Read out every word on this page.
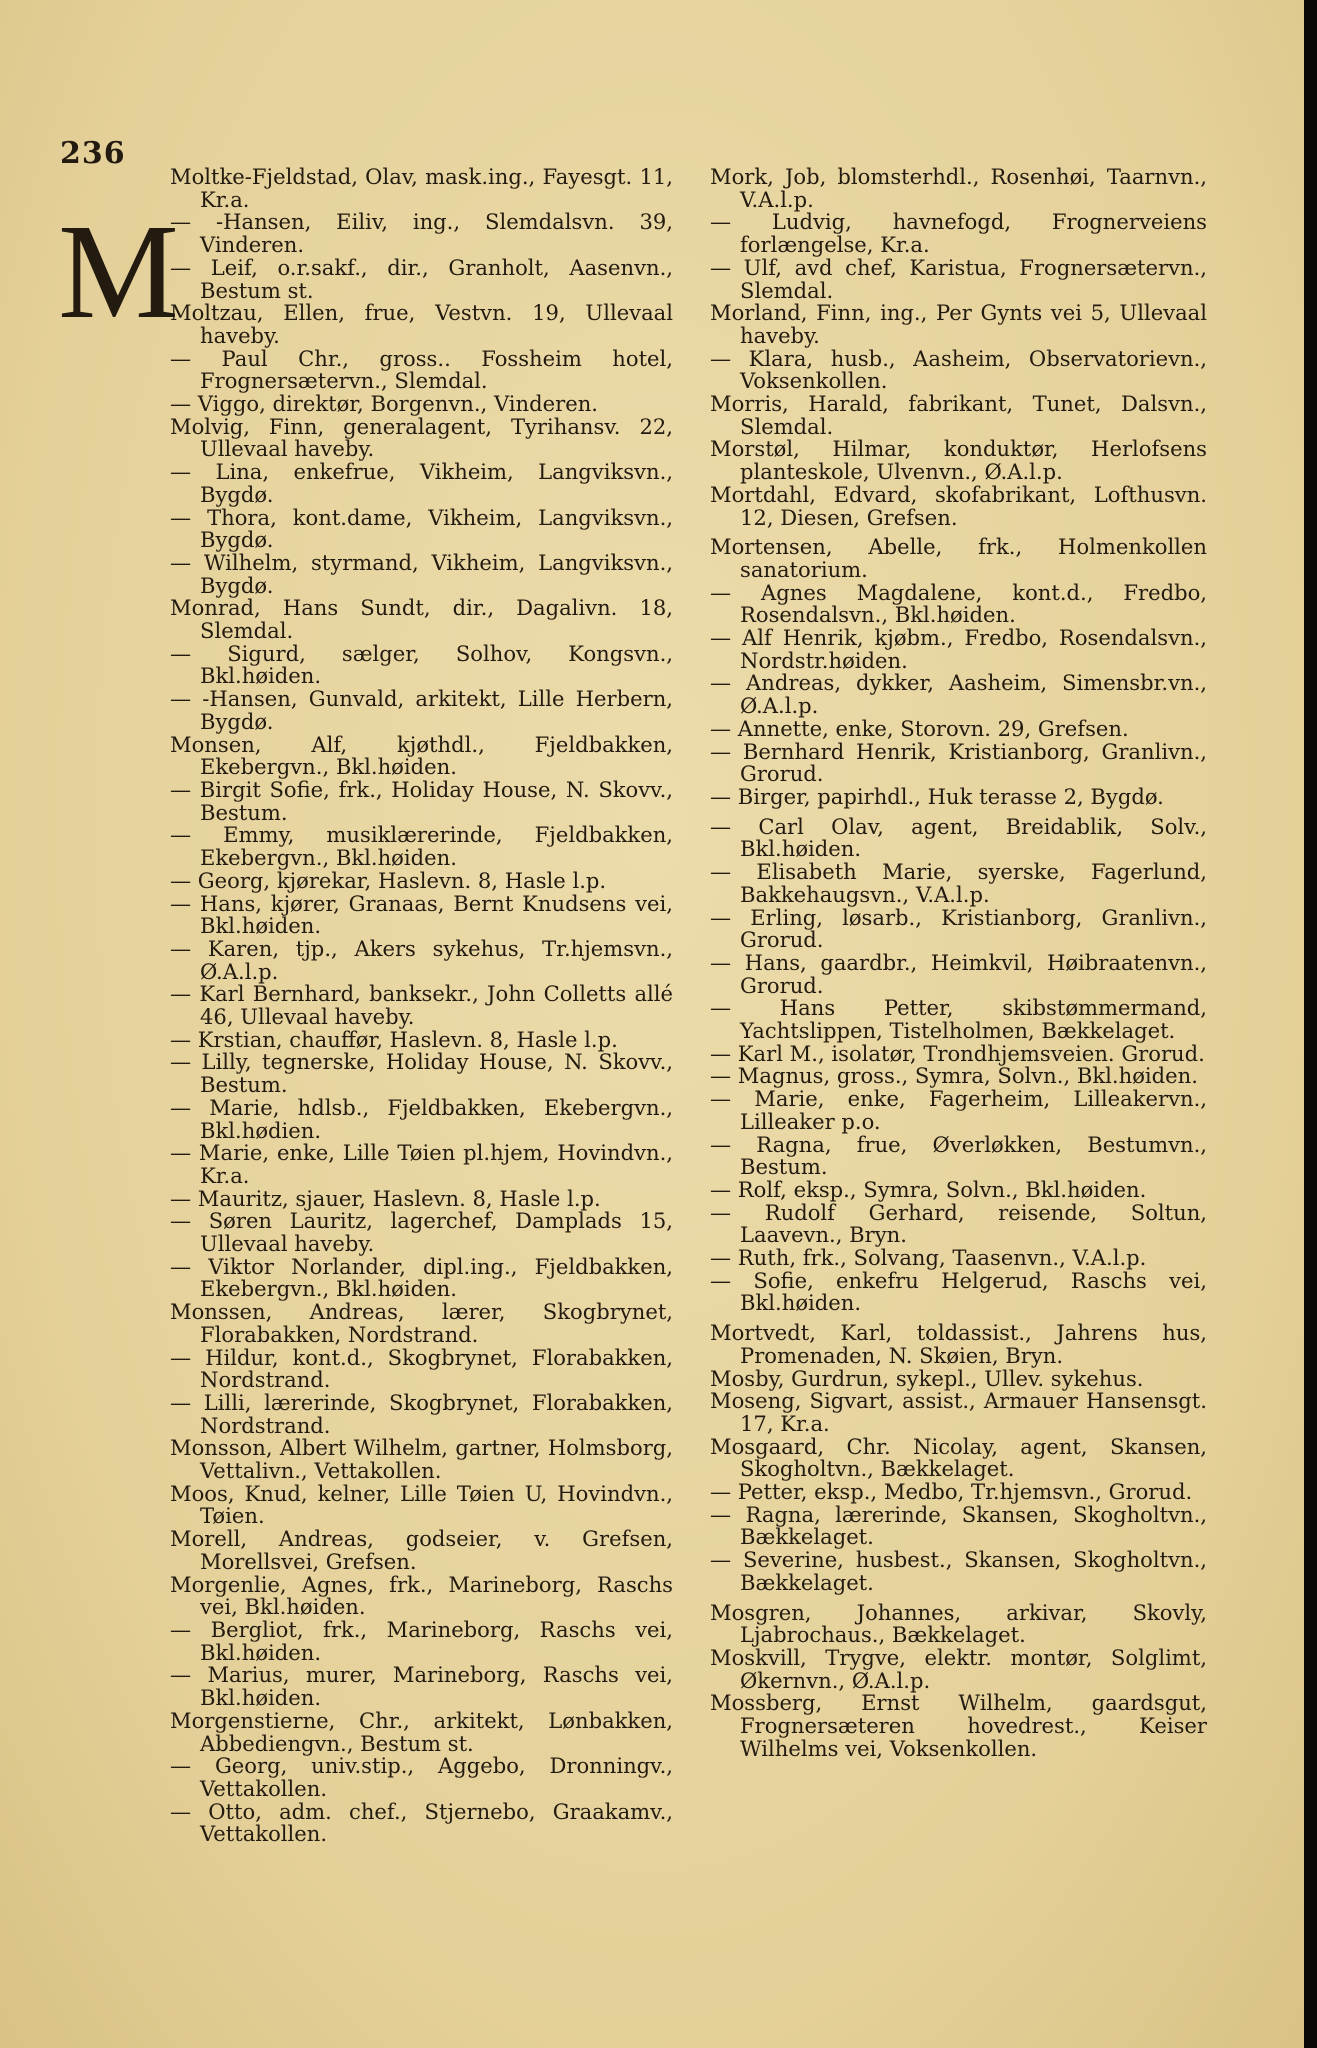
236
M

Moltke-Fjeldstad, Olav, mask.ing., Fayesgt. 11, Kr.a.

— -Hansen, Eiliv, ing., Slemdalsvn. 39, Vinderen.

— Leif, o.r.sakf., dir., Granholt, Aasenvn., Bestum st.

Moltzau, Ellen, frue, Vestvn. 19, Ullevaal haveby.

— Paul Chr., gross.. Fossheim hotel, Frognersætervn., Slemdal.

— Viggo, direktør, Borgenvn., Vinderen.

Molvig, Finn, generalagent, Tyrihansv. 22, Ullevaal haveby.

— Lina, enkefrue, Vikheim, Langviksvn., Bygdø.

— Thora, kont.dame, Vikheim, Langviksvn., Bygdø.

— Wilhelm, styrmand, Vikheim, Langviksvn., Bygdø.

Monrad, Hans Sundt, dir., Dagalivn. 18, Slemdal.

— Sigurd, sælger, Solhov, Kongsvn., Bkl.høiden.

— -Hansen, Gunvald, arkitekt, Lille Herbern, Bygdø.

Monsen, Alf, kjøthdl., Fjeldbakken, Ekebergvn., Bkl.høiden.

— Birgit Sofie, frk., Holiday House, N. Skovv., Bestum.

— Emmy, musiklærerinde, Fjeldbakken, Ekebergvn., Bkl.høiden.

— Georg, kjørekar, Haslevn. 8, Hasle l.p.

— Hans, kjører, Granaas, Bernt Knudsens vei, Bkl.høiden.

— Karen, tjp., Akers sykehus, Tr.hjemsvn., Ø.A.l.p.

— Karl Bernhard, banksekr., John Colletts allé 46, Ullevaal haveby.

— Krstian, chauffør, Haslevn. 8, Hasle l.p.

— Lilly, tegnerske, Holiday House, N. Skovv., Bestum.

— Marie, hdlsb., Fjeldbakken, Ekebergvn., Bkl.hødien.

— Marie, enke, Lille Tøien pl.hjem, Hovindvn., Kr.a.

— Mauritz, sjauer, Haslevn. 8, Hasle l.p.

— Søren Lauritz, lagerchef, Damplads 15, Ullevaal haveby.

— Viktor Norlander, dipl.ing., Fjeldbakken, Ekebergvn., Bkl.høiden.

Monssen, Andreas, lærer, Skogbrynet, Florabakken, Nordstrand.

— Hildur, kont.d., Skogbrynet, Florabakken, Nordstrand.

— Lilli, lærerinde, Skogbrynet, Florabakken, Nordstrand.

Monsson, Albert Wilhelm, gartner, Holmsborg, Vettalivn., Vettakollen.

Moos, Knud, kelner, Lille Tøien U, Hovindvn., Tøien.

Morell, Andreas, godseier, v. Grefsen, Morellsvei, Grefsen.

Morgenlie, Agnes, frk., Marineborg, Raschs vei, Bkl.høiden.

— Bergliot, frk., Marineborg, Raschs vei, Bkl.høiden.

— Marius, murer, Marineborg, Raschs vei, Bkl.høiden.

Morgenstierne, Chr., arkitekt, Lønbakken, Abbediengvn., Bestum st.

— Georg, univ.stip., Aggebo, Dronningv., Vettakollen.

— Otto, adm. chef., Stjernebo, Graakamv., Vettakollen.

Mork, Job, blomsterhdl., Rosenhøi, Taarnvn., V.A.l.p.

— Ludvig, havnefogd, Frognerveiens forlængelse, Kr.a.

— Ulf, avd chef, Karistua, Frognersætervn., Slemdal.

Morland, Finn, ing., Per Gynts vei 5, Ullevaal haveby.

— Klara, husb., Aasheim, Observatorievn., Voksenkollen.

Morris, Harald, fabrikant, Tunet, Dalsvn., Slemdal.

Morstøl, Hilmar, konduktør, Herlofsens planteskole, Ulvenvn., Ø.A.l.p.

Mortdahl, Edvard, skofabrikant, Lofthusvn. 12, Diesen, Grefsen.

Mortensen, Abelle, frk., Holmenkollen sanatorium.

— Agnes Magdalene, kont.d., Fredbo, Rosendalsvn., Bkl.høiden.

— Alf Henrik, kjøbm., Fredbo, Rosendalsvn., Nordstr.høiden.

— Andreas, dykker, Aasheim, Simensbr.vn., Ø.A.l.p.

— Annette, enke, Storovn. 29, Grefsen.

— Bernhard Henrik, Kristianborg, Granlivn., Grorud.

— Birger, papirhdl., Huk terasse 2, Bygdø.

— Carl Olav, agent, Breidablik, Solv., Bkl.høiden.

— Elisabeth Marie, syerske, Fagerlund, Bakkehaugsvn., V.A.l.p.

— Erling, løsarb., Kristianborg, Granlivn., Grorud.

— Hans, gaardbr., Heimkvil, Høibraatenvn., Grorud.

— Hans Petter, skibstømmermand, Yachtslippen, Tistelholmen, Bækkelaget.

— Karl M., isolatør, Trondhjemsveien. Grorud.

— Magnus, gross., Symra, Solvn., Bkl.høiden.

— Marie, enke, Fagerheim, Lilleakervn., Lilleaker p.o.

— Ragna, frue, Øverløkken, Bestumvn., Bestum.

— Rolf, eksp., Symra, Solvn., Bkl.høiden.

— Rudolf Gerhard, reisende, Soltun, Laavevn., Bryn.

— Ruth, frk., Solvang, Taasenvn., V.A.l.p.

— Sofie, enkefru Helgerud, Raschs vei, Bkl.høiden.

Mortvedt, Karl, toldassist., Jahrens hus, Promenaden, N. Skøien, Bryn.

Mosby, Gurdrun, sykepl., Ullev. sykehus.

Moseng, Sigvart, assist., Armauer Hansensgt. 17, Kr.a.

Mosgaard, Chr. Nicolay, agent, Skansen, Skogholtvn., Bækkelaget.

— Petter, eksp., Medbo, Tr.hjemsvn., Grorud.

— Ragna, lærerinde, Skansen, Skogholtvn., Bækkelaget.

— Severine, husbest., Skansen, Skogholtvn., Bækkelaget.

Mosgren, Johannes, arkivar, Skovly, Ljabrochaus., Bækkelaget.

Moskvill, Trygve, elektr. montør, Solglimt, Økernvn., Ø.A.l.p.

Mossberg, Ernst Wilhelm, gaardsgut, Frognersæteren hovedrest., Keiser Wilhelms vei, Voksenkollen.
